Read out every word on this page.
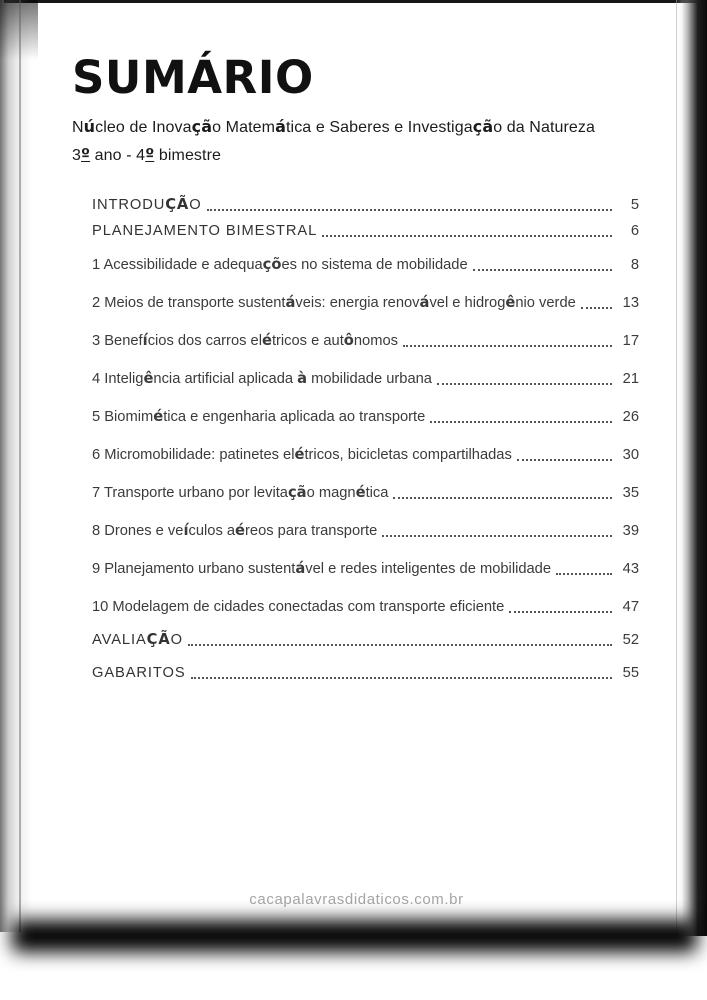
SUMÁRIO

Núcleo de Inovação Matemática e Saberes e Investigação da Natureza

3º ano - 4º bimestre

INTRODUÇÃO	5
PLANEJAMENTO BIMESTRAL	6
1 Acessibilidade e adequações no sistema de mobilidade	8
2 Meios de transporte sustentáveis: energia renovável e hidrogênio verde	13
3 Benefícios dos carros elétricos e autônomos	17
4 Inteligência artificial aplicada à mobilidade urbana	21
5 Biomimética e engenharia aplicada ao transporte	26
6 Micromobilidade: patinetes elétricos, bicicletas compartilhadas	30
7 Transporte urbano por levitação magnética	35
8 Drones e veículos aéreos para transporte	39
9 Planejamento urbano sustentável e redes inteligentes de mobilidade	43
10 Modelagem de cidades conectadas com transporte eficiente	47
AVALIAÇÃO	52
GABARITOS	55
cacapalavrasdidaticos.com.br
